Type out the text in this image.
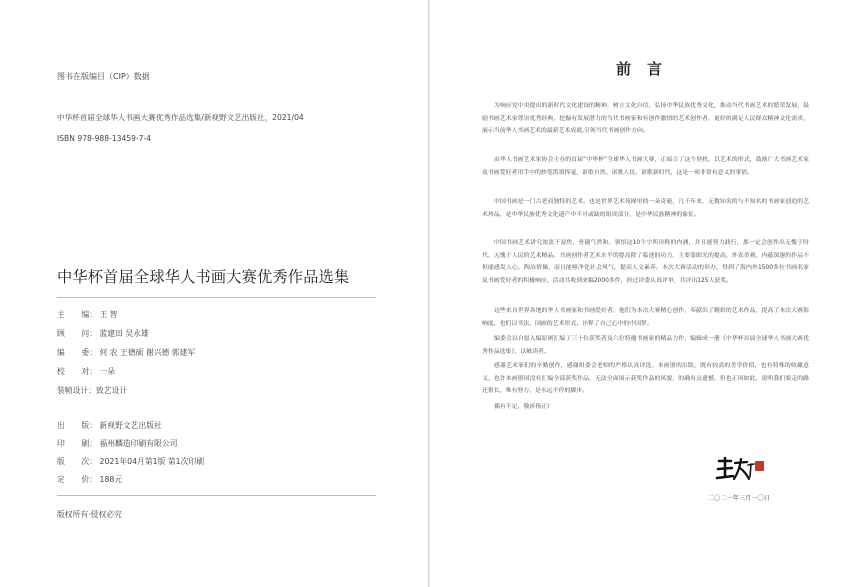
图书在版编目（CIP）数据
中华杯首届全球华人书画大赛优秀作品选集/新视野文艺出版社，2021/04
ISBN 978-988-13459-7-4
中华杯首届全球华人书画大赛优秀作品选集
主 编： 王 智
顾 问： 蓝建田 吴永雄
编 委： 何 农 王德硕 谢兴德 郭建军
校 对： 一朵
装帧设计：致艺设计
出 版： 新视野文艺出版社
印 刷： 福州麟造印刷有限公司
版 次： 2021年04月第1版 第1次印刷
定 价： 188元
版权所有·侵权必究
前言

为响应党中央提出的新时代文化建设的精神，树立文化自信，弘扬中华民族优秀文化，推动当代书画艺术的繁荣发展，鼓励书画艺术家尊崇优秀经典，挖掘有发展潜力的当代书画家和有创作激情的艺术创作者，更好的满足人民群众精神文化需求，展示当前华人书画艺术的最新艺术成就,引领当代书画创作方向。

由华人书画艺术家协会主办的首届“中华杯”全球华人书画大赛，正暗合了这个契机，以艺术的形式，鼓励广大书画艺术家及书画爱好者用手中的妙笔泼墨挥毫，讴歌自然、讴歌人民，讴歌新时代，这是一项非常有意义的事情。

中国书画是一门古老而独特的艺术，也是世界艺术苑囿里的一朵奇葩，几千年来，无数知名的与不知名的书画家创造的艺术珍品，是中华民族优秀文化遗产中不可或缺的组成部分，是中华民族精神的象征。

中国书画艺术讲究浓淡干湿焦，骨随气然和。领悟这10个字所诠释的内涵，并且能努力践行，那一定会创作出无愧于时代，无愧于人民的艺术精品。书画创作者艺术水平的提高除了临池的功力，主要靠眼光的提高，外表美观，内蕴深邃的作品不但能感发人心，陶冶情操，而且能够净化社会风气，提高人文素养。本次大赛活动的举办，得到了海内外1500多位书画名家及书画爱好者的积极响应，活动共收到来稿2000多件，经过评委认真评审，共评出125人获奖。

这些来自世界各地的华人书画家和书画爱好者，他们为本次大赛精心创作，奉献出了精彩的艺术作品，提高了本次大赛影响度，也们以书法、国画的艺术形式，诠释了自己心中的中国梦。

编委会以自愿入编原则汇编了三十位获奖者及六位特邀书画家的精品力作，编辑成一册《中华杯首届全球华人书画大赛优秀作品选集》，以飨读者。

感谢艺术家们的辛勤创作，感谢组委会老师的严格认真评选。本画册的出版，既有较高的美学价值，也有特殊的收藏意义，也许本画册因没有汇编全部获奖作品，无法全面展示获奖作品的风貌，的确有点遗憾，但也正因如此，说明我们要走的路还很长，唯有努力，是永远不停的脚步。

偶有不足，敬祈指正!

二〇二一年三月一〇日
